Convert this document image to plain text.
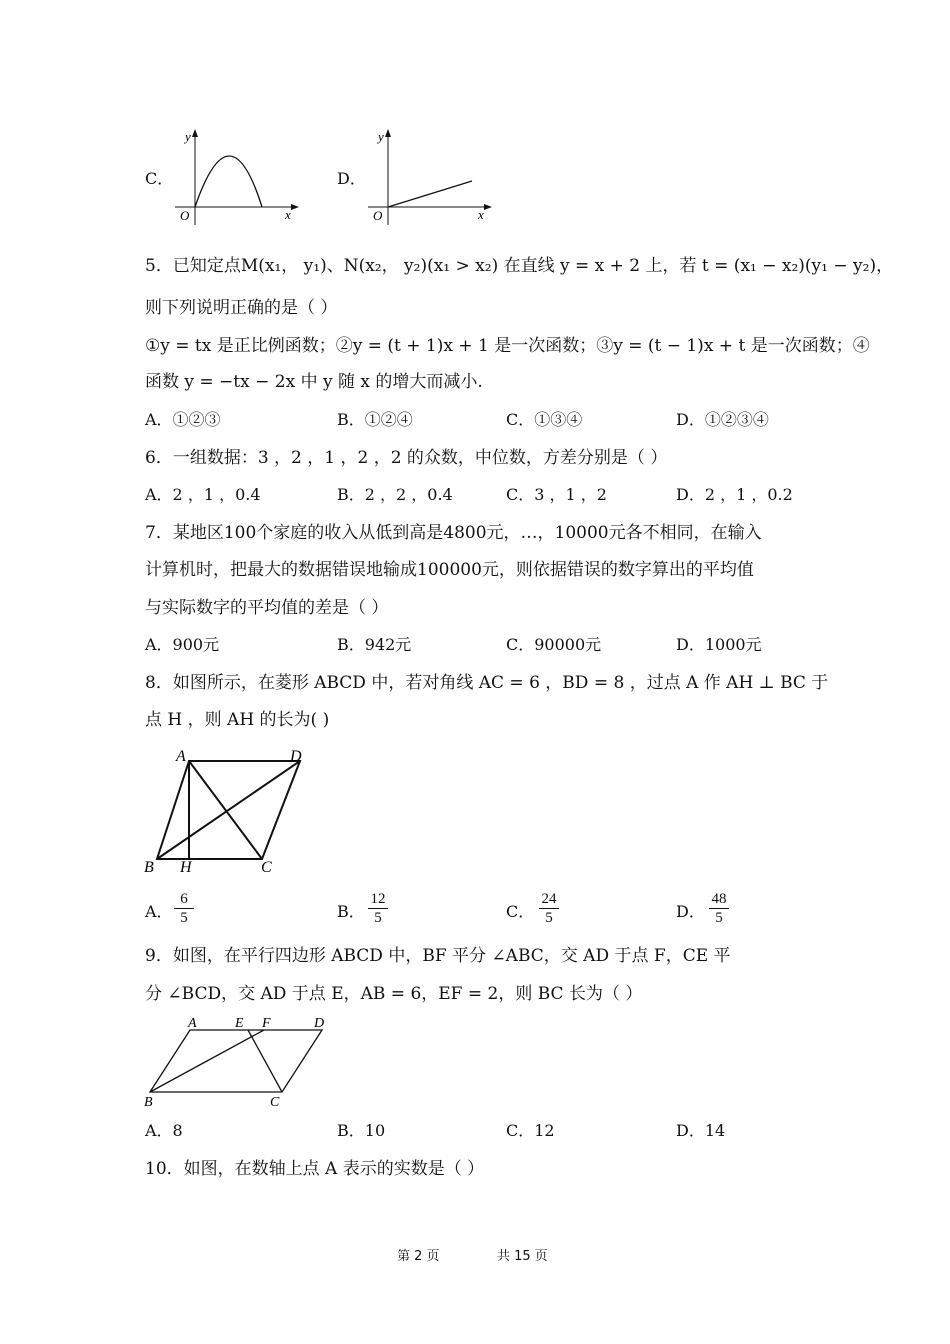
C．
y
x
O
D．
y
x
O
5．已知定点M(x₁， y₁)、N(x₂， y₂)(x₁ > x₂) 在直线 y = x + 2 上，若 t = (x₁ − x₂)(y₁ − y₂)，
则下列说明正确的是（ ）
①y = tx 是正比例函数；②y = (t + 1)x + 1 是一次函数；③y = (t − 1)x + t 是一次函数；④
函数 y = −tx − 2x 中 y 随 x 的增大而减小.
A．①②③	B．①②④	C．①③④	D．①②③④
6．一组数据：3 ，2 ，1 ，2 ，2 的众数，中位数，方差分别是（ ）
A．2 ，1 ，0.4	B．2 ，2 ，0.4	C．3 ，1 ，2	D．2 ，1 ，0.2
7．某地区100个家庭的收入从低到高是4800元，…，10000元各不相同，在输入
计算机时，把最大的数据错误地输成100000元，则依据错误的数字算出的平均值
与实际数字的平均值的差是（ ）
A．900元	B．942元	C．90000元	D．1000元
8．如图所示，在菱形 ABCD 中，若对角线 AC = 6 ，BD = 8 ，过点 A 作 AH ⊥ BC 于
点 H ，则 AH 的长为( )
A	D
B H	C
A．
6
5	B．
12
5	C．
24
5	D．
48
5
9．如图，在平行四边形 ABCD 中，BF 平分 ∠ABC，交 AD 于点 F，CE 平
分 ∠BCD，交 AD 于点 E，AB = 6，EF = 2，则 BC 长为（ ）
A	E F	D
B	C
A．8	B．10	C．12	D．14
10．如图，在数轴上点 A 表示的实数是（ ）
第 2 页	共 15 页
